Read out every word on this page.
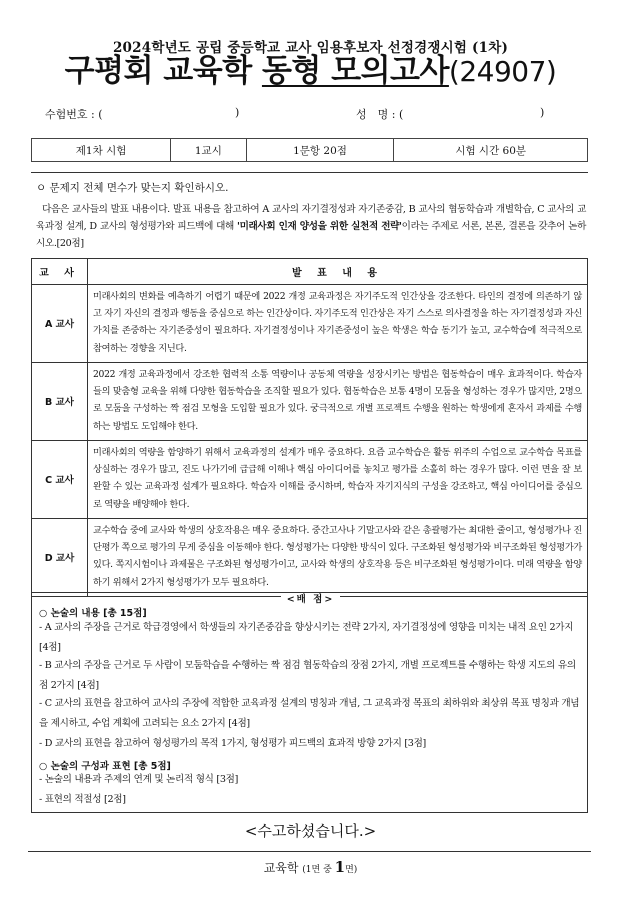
2024학년도 공립 중등학교 교사 임용후보자 선정경쟁시험 (1차)
구평회 교육학 동형 모의고사(24907)
수험번호 : (	)	성　명 : (	)
제1차 시험	1교시	1문항 20점	시험 시간 60분
ㅇ 문제지 전체 면수가 맞는지 확인하시오.
다음은 교사들의 발표 내용이다. 발표 내용을 참고하여 A 교사의 자기결정성과 자기존중감, B 교사의 협동학습과 개별학습, C 교사의 교육과정 설계, D 교사의 형성평가와 피드백에 대해 '미래사회 인재 양성을 위한 실천적 전략'이라는 주제로 서론, 본론, 결론을 갖추어 논하시오.[20점]
교 사	발 표 내 용
A 교사	미래사회의 변화를 예측하기 어렵기 때문에 2022 개정 교육과정은 자기주도적 인간상을 강조한다. 타인의 결정에 의존하기 않고 자기 자신의 결정과 행동을 중심으로 하는 인간상이다. 자기주도적 인간상은 자기 스스로 의사결정을 하는 자기결정성과 자신 가치를 존중하는 자기존중성이 필요하다. 자기결정성이나 자기존중성이 높은 학생은 학습 동기가 높고, 교수학습에 적극적으로 참여하는 경향을 지닌다.
B 교사	2022 개정 교육과정에서 강조한 협력적 소통 역량이나 공동체 역량을 성장시키는 방법은 협동학습이 매우 효과적이다. 학습자들의 맞춤형 교육을 위해 다양한 협동학습을 조직할 필요가 있다. 협동학습은 보통 4명이 모둠을 형성하는 경우가 많지만, 2명으로 모둠을 구성하는 짝 점검 모형을 도입할 필요가 있다. 궁극적으로 개별 프로젝트 수행을 원하는 학생에게 혼자서 과제를 수행하는 방법도 도입해야 한다.
C 교사	미래사회의 역량을 함양하기 위해서 교육과정의 설계가 매우 중요하다. 요즘 교수학습은 활동 위주의 수업으로 교수학습 목표를 상실하는 경우가 많고, 진도 나가기에 급급해 이해나 핵심 아이디어를 놓치고 평가를 소홀히 하는 경우가 많다. 이런 면을 잘 보완할 수 있는 교육과정 설계가 필요하다. 학습자 이해를 중시하며, 학습자 자기지식의 구성을 강조하고, 핵심 아이디어를 중심으로 역량을 배양해야 한다.
D 교사	교수학습 중에 교사와 학생의 상호작용은 매우 중요하다. 중간고사나 기말고사와 같은 총괄평가는 최대한 줄이고, 형성평가나 진단평가 쪽으로 평가의 무게 중심을 이동해야 한다. 형성평가는 다양한 방식이 있다. 구조화된 형성평가와 비구조화된 형성평가가 있다. 쪽지시험이나 과제물은 구조화된 형성평가이고, 교사와 학생의 상호작용 등은 비구조화된 형성평가이다. 미래 역량을 함양하기 위해서 2가지 형성평가가 모두 필요하다.
<배 점>
○ 논술의 내용 [총 15점]
- A 교사의 주장을 근거로 학급경영에서 학생들의 자기존중감을 향상시키는 전략 2가지, 자기결정성에 영향을 미치는 내적 요인 2가지 [4점]
- B 교사의 주장을 근거로 두 사람이 모둠학습을 수행하는 짝 점검 협동학습의 장점 2가지, 개별 프로젝트를 수행하는 학생 지도의 유의점 2가지 [4점]
- C 교사의 표현을 참고하여 교사의 주장에 적합한 교육과정 설계의 명칭과 개념, 그 교육과정 목표의 최하위와 최상위 목표 명칭과 개념을 제시하고, 수업 계획에 고려되는 요소 2가지 [4점]
- D 교사의 표현을 참고하여 형성평가의 목적 1가지, 형성평가 피드백의 효과적 방향 2가지 [3점]
○ 논술의 구성과 표현 [총 5점]
- 논술의 내용과 주제의 연계 및 논리적 형식 [3점]
- 표현의 적절성 [2점]
<수고하셨습니다.>
교육학 (1면 중 1면)
